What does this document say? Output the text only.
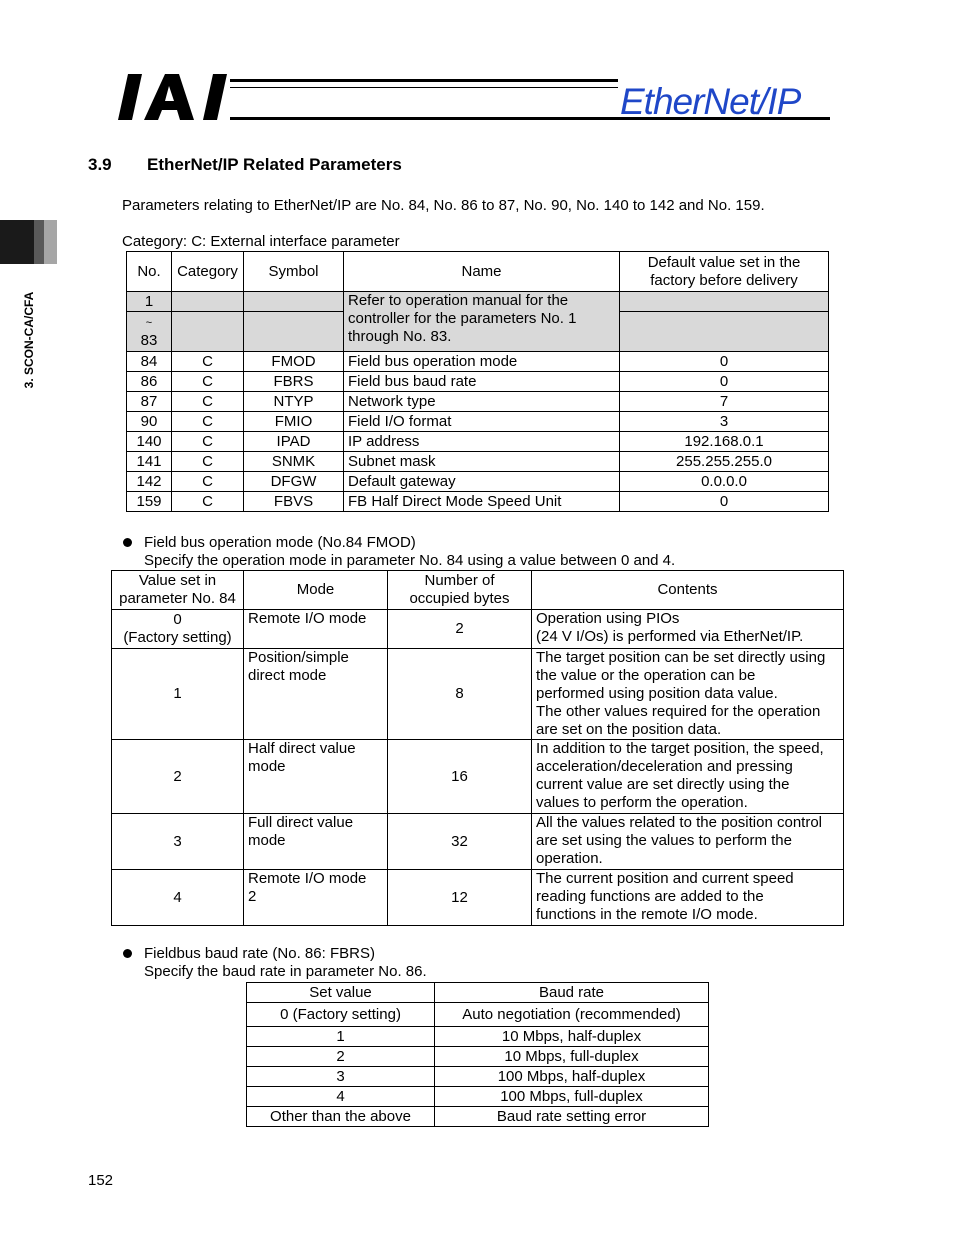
EtherNet/IP
3. SCON-CA/CFA
3.9 EtherNet/IP Related Parameters
Parameters relating to EtherNet/IP are No. 84, No. 86 to 87, No. 90, No. 140 to 142 and No. 159.
Category: C: External interface parameter
No.	Category	Symbol	Name	Default value set in the
factory before delivery
1			Refer to operation manual for the
controller for the parameters No. 1
through No. 83.	
~
83				
84	C	FMOD	Field bus operation mode	0
86	C	FBRS	Field bus baud rate	0
87	C	NTYP	Network type	7
90	C	FMIO	Field I/O format	3
140	C	IPAD	IP address	192.168.0.1
141	C	SNMK	Subnet mask	255.255.255.0
142	C	DFGW	Default gateway	0.0.0.0
159	C	FBVS	FB Half Direct Mode Speed Unit	0
Field bus operation mode (No.84 FMOD)
Specify the operation mode in parameter No. 84 using a value between 0 and 4.
Value set in
parameter No. 84	Mode	Number of
occupied bytes	Contents
0
(Factory setting)	Remote I/O mode	2	Operation using PIOs
(24 V I/Os) is performed via EtherNet/IP.
1	Position/simple
direct mode	8	The target position can be set directly using
the value or the operation can be
performed using position data value.
The other values required for the operation
are set on the position data.
2	Half direct value
mode	16	In addition to the target position, the speed,
acceleration/deceleration and pressing
current value are set directly using the
values to perform the operation.
3	Full direct value
mode	32	All the values related to the position control
are set using the values to perform the
operation.
4	Remote I/O mode
2	12	The current position and current speed
reading functions are added to the
functions in the remote I/O mode.
Fieldbus baud rate (No. 86: FBRS)
Specify the baud rate in parameter No. 86.
Set value	Baud rate
0 (Factory setting)	Auto negotiation (recommended)
1	10 Mbps, half-duplex
2	10 Mbps, full-duplex
3	100 Mbps, half-duplex
4	100 Mbps, full-duplex
Other than the above	Baud rate setting error
152
